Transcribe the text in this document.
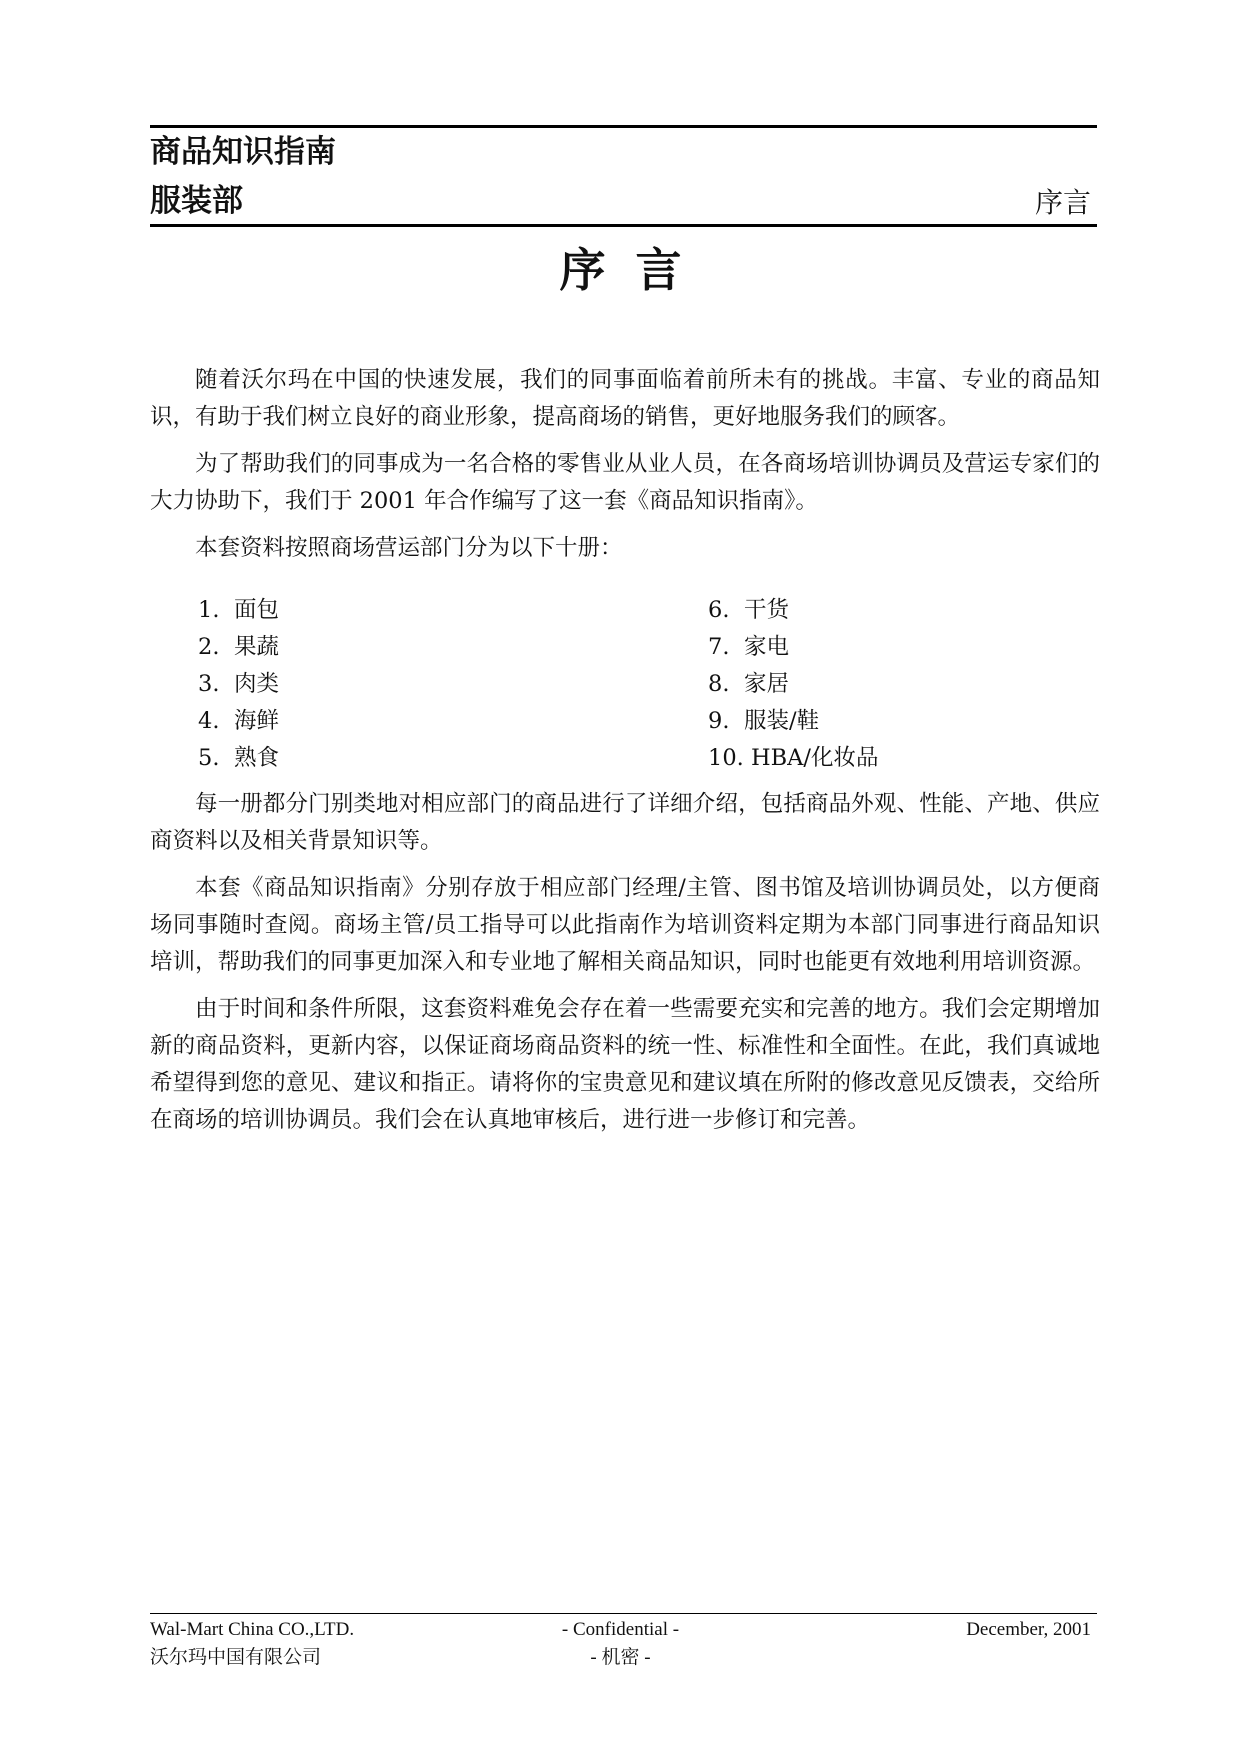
商品知识指南
服装部	序言
序言

随着沃尔玛在中国的快速发展，我们的同事面临着前所未有的挑战。丰富、专业的商品知识，有助于我们树立良好的商业形象，提高商场的销售，更好地服务我们的顾客。

为了帮助我们的同事成为一名合格的零售业从业人员，在各商场培训协调员及营运专家们的大力协助下，我们于 2001 年合作编写了这一套《商品知识指南》。

本套资料按照商场营运部门分为以下十册：

1. 面包	6. 干货
2. 果蔬	7. 家电
3. 肉类	8. 家居
4. 海鲜	9. 服装/鞋
5. 熟食	10. HBA/化妆品

每一册都分门别类地对相应部门的商品进行了详细介绍，包括商品外观、性能、产地、供应商资料以及相关背景知识等。

本套《商品知识指南》分别存放于相应部门经理/主管、图书馆及培训协调员处，以方便商场同事随时查阅。商场主管/员工指导可以此指南作为培训资料定期为本部门同事进行商品知识培训，帮助我们的同事更加深入和专业地了解相关商品知识，同时也能更有效地利用培训资源。

由于时间和条件所限，这套资料难免会存在着一些需要充实和完善的地方。我们会定期增加新的商品资料，更新内容，以保证商场商品资料的统一性、标准性和全面性。在此，我们真诚地希望得到您的意见、建议和指正。请将你的宝贵意见和建议填在所附的修改意见反馈表，交给所在商场的培训协调员。我们会在认真地审核后，进行进一步修订和完善。

Wal-Mart China CO.,LTD.
沃尔玛中国有限公司
- Confidential -
- 机密 -
December, 2001
